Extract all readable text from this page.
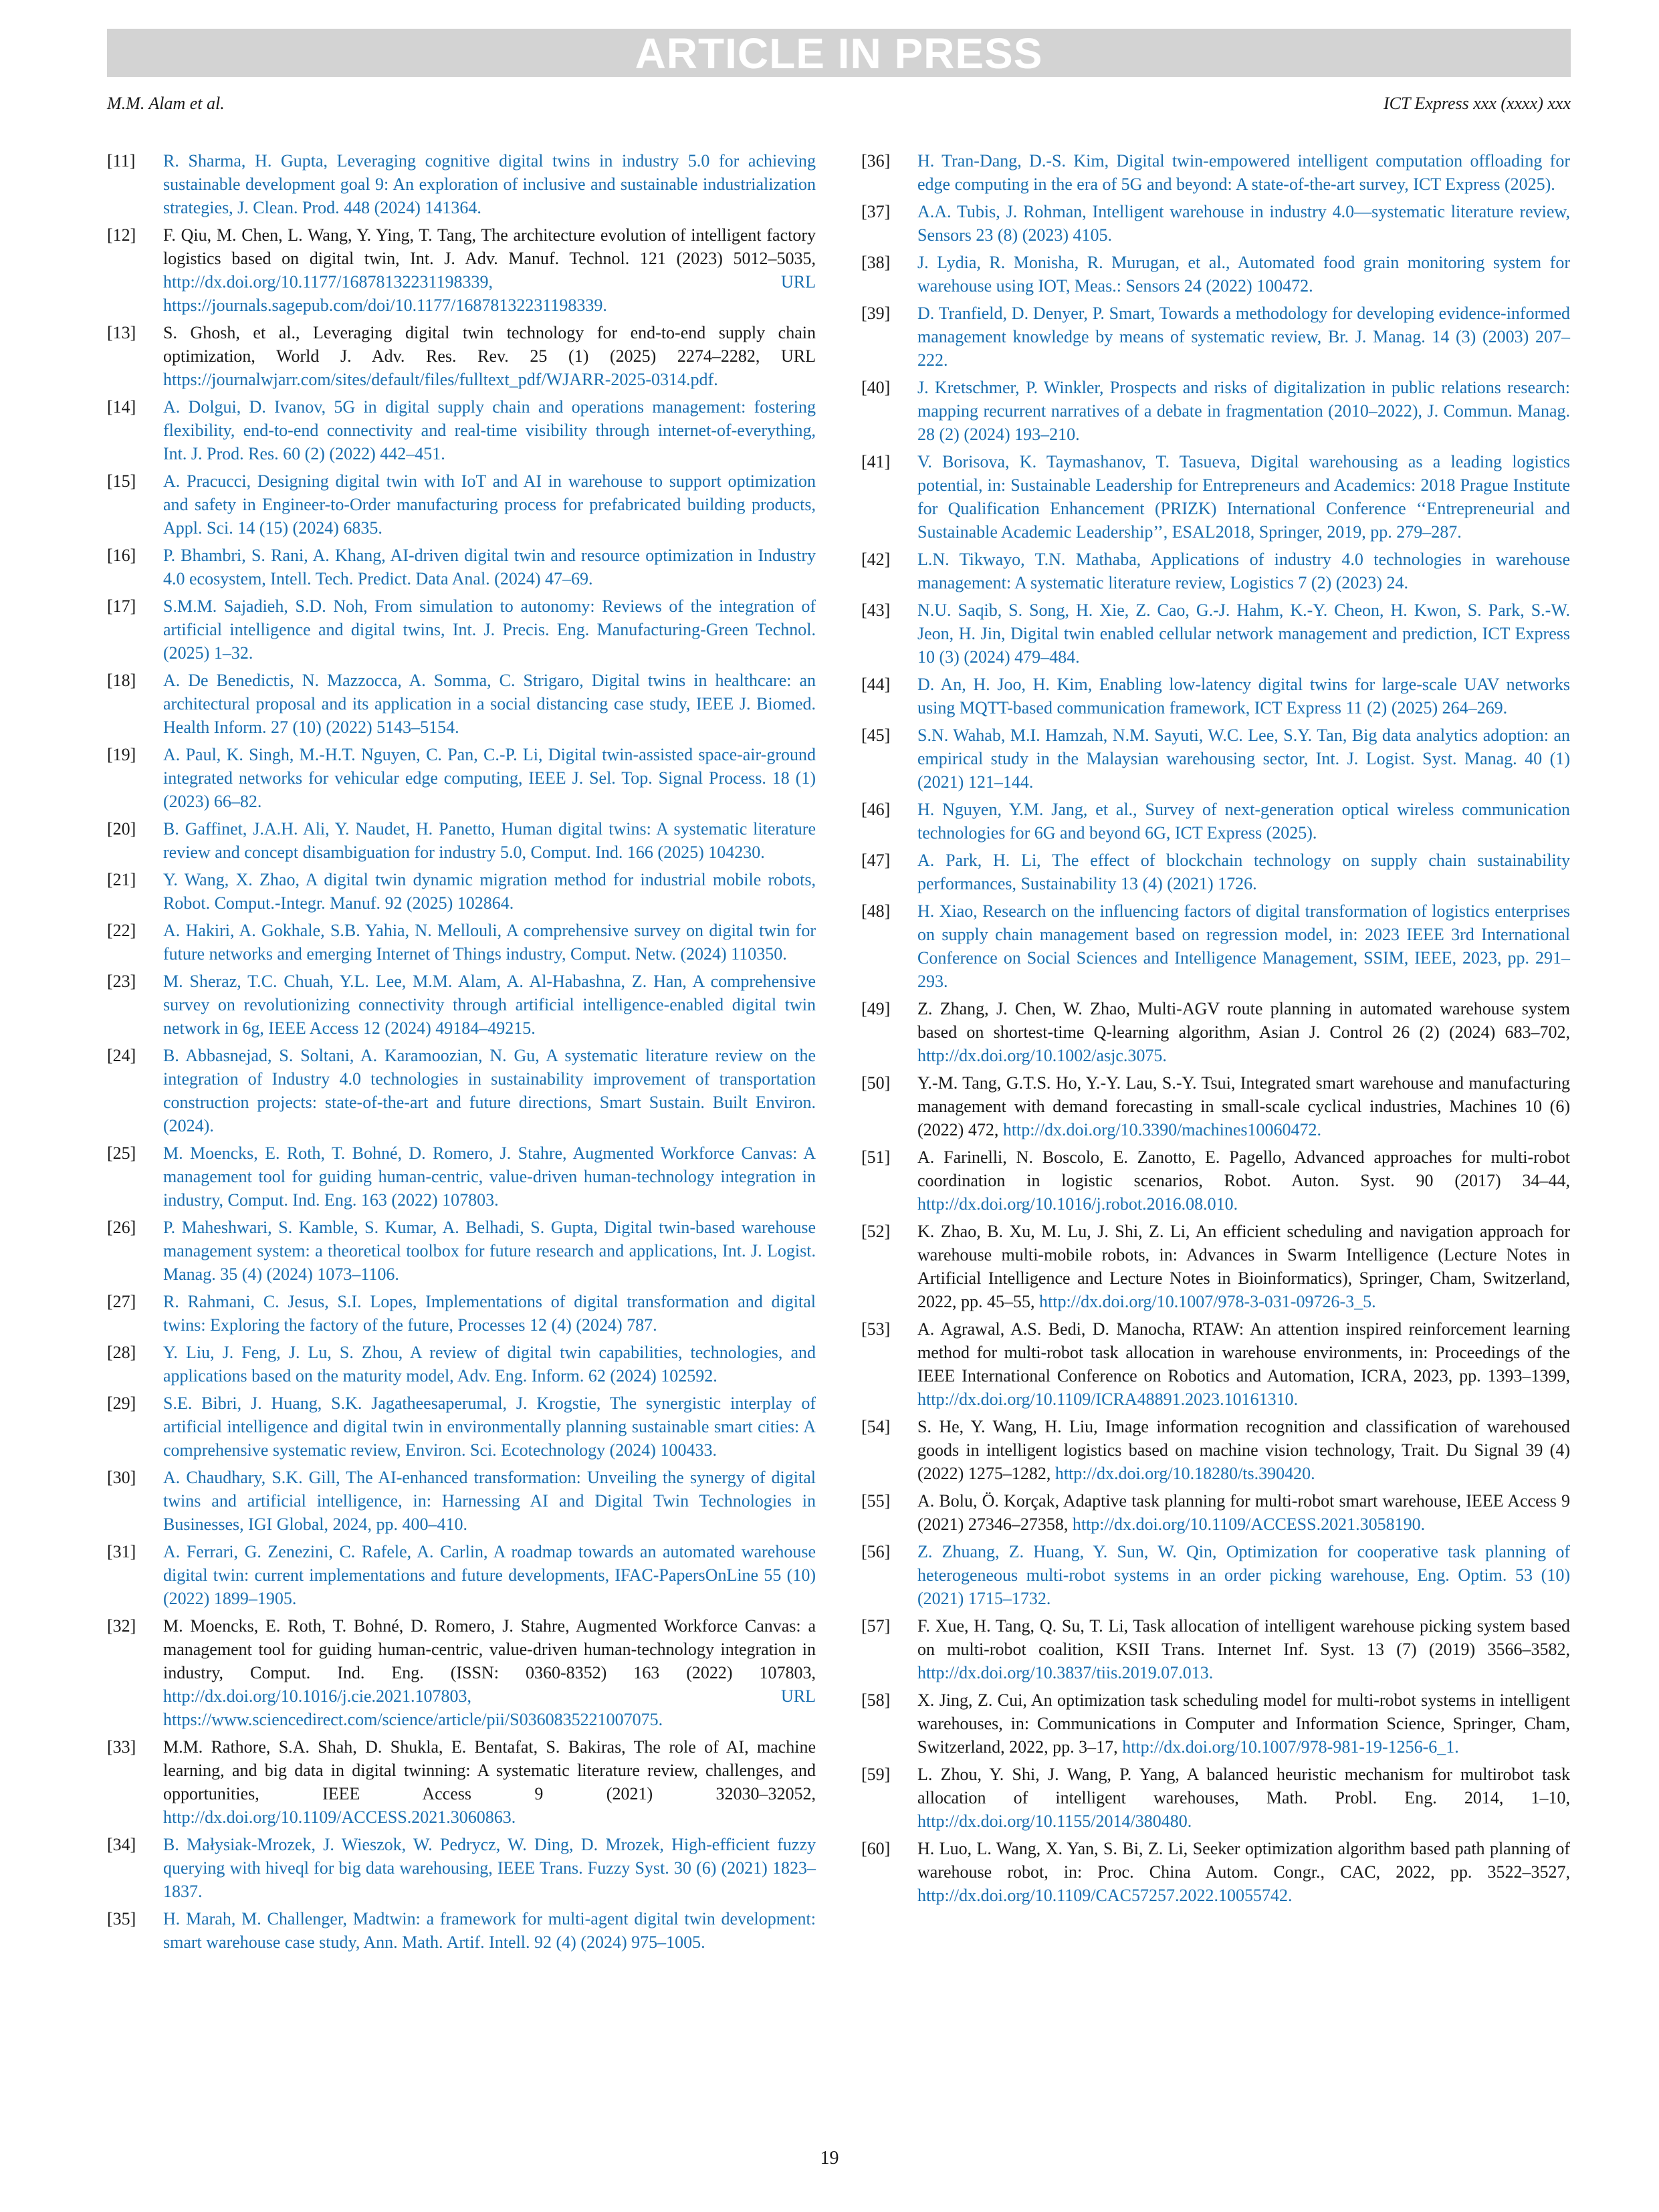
ARTICLE IN PRESS
M.M. Alam et al.	ICT Express xxx (xxxx) xxx
[11]	R. Sharma, H. Gupta, Leveraging cognitive digital twins in industry 5.0 for achieving sustainable development goal 9: An exploration of inclusive and sustainable industrialization strategies, J. Clean. Prod. 448 (2024) 141364.
[12]	F. Qiu, M. Chen, L. Wang, Y. Ying, T. Tang, The architecture evolution of intelligent factory logistics based on digital twin, Int. J. Adv. Manuf. Technol. 121 (2023) 5012–5035, http://dx.doi.org/10.1177/16878132231198339, URL https://journals.sagepub.com/doi/10.1177/16878132231198339.
[13]	S. Ghosh, et al., Leveraging digital twin technology for end-to-end supply chain optimization, World J. Adv. Res. Rev. 25 (1) (2025) 2274–2282, URL https://journalwjarr.com/sites/default/files/fulltext_pdf/WJARR-2025-0314.pdf.
[14]	A. Dolgui, D. Ivanov, 5G in digital supply chain and operations management: fostering flexibility, end-to-end connectivity and real-time visibility through internet-of-everything, Int. J. Prod. Res. 60 (2) (2022) 442–451.
[15]	A. Pracucci, Designing digital twin with IoT and AI in warehouse to support optimization and safety in Engineer-to-Order manufacturing process for prefabricated building products, Appl. Sci. 14 (15) (2024) 6835.
[16]	P. Bhambri, S. Rani, A. Khang, AI-driven digital twin and resource optimization in Industry 4.0 ecosystem, Intell. Tech. Predict. Data Anal. (2024) 47–69.
[17]	S.M.M. Sajadieh, S.D. Noh, From simulation to autonomy: Reviews of the integration of artificial intelligence and digital twins, Int. J. Precis. Eng. Manufacturing-Green Technol. (2025) 1–32.
[18]	A. De Benedictis, N. Mazzocca, A. Somma, C. Strigaro, Digital twins in healthcare: an architectural proposal and its application in a social distancing case study, IEEE J. Biomed. Health Inform. 27 (10) (2022) 5143–5154.
[19]	A. Paul, K. Singh, M.-H.T. Nguyen, C. Pan, C.-P. Li, Digital twin-assisted space-air-ground integrated networks for vehicular edge computing, IEEE J. Sel. Top. Signal Process. 18 (1) (2023) 66–82.
[20]	B. Gaffinet, J.A.H. Ali, Y. Naudet, H. Panetto, Human digital twins: A systematic literature review and concept disambiguation for industry 5.0, Comput. Ind. 166 (2025) 104230.
[21]	Y. Wang, X. Zhao, A digital twin dynamic migration method for industrial mobile robots, Robot. Comput.-Integr. Manuf. 92 (2025) 102864.
[22]	A. Hakiri, A. Gokhale, S.B. Yahia, N. Mellouli, A comprehensive survey on digital twin for future networks and emerging Internet of Things industry, Comput. Netw. (2024) 110350.
[23]	M. Sheraz, T.C. Chuah, Y.L. Lee, M.M. Alam, A. Al-Habashna, Z. Han, A comprehensive survey on revolutionizing connectivity through artificial intelligence-enabled digital twin network in 6g, IEEE Access 12 (2024) 49184–49215.
[24]	B. Abbasnejad, S. Soltani, A. Karamoozian, N. Gu, A systematic literature review on the integration of Industry 4.0 technologies in sustainability improvement of transportation construction projects: state-of-the-art and future directions, Smart Sustain. Built Environ. (2024).
[25]	M. Moencks, E. Roth, T. Bohné, D. Romero, J. Stahre, Augmented Workforce Canvas: A management tool for guiding human-centric, value-driven human-technology integration in industry, Comput. Ind. Eng. 163 (2022) 107803.
[26]	P. Maheshwari, S. Kamble, S. Kumar, A. Belhadi, S. Gupta, Digital twin-based warehouse management system: a theoretical toolbox for future research and applications, Int. J. Logist. Manag. 35 (4) (2024) 1073–1106.
[27]	R. Rahmani, C. Jesus, S.I. Lopes, Implementations of digital transformation and digital twins: Exploring the factory of the future, Processes 12 (4) (2024) 787.
[28]	Y. Liu, J. Feng, J. Lu, S. Zhou, A review of digital twin capabilities, technologies, and applications based on the maturity model, Adv. Eng. Inform. 62 (2024) 102592.
[29]	S.E. Bibri, J. Huang, S.K. Jagatheesaperumal, J. Krogstie, The synergistic interplay of artificial intelligence and digital twin in environmentally planning sustainable smart cities: A comprehensive systematic review, Environ. Sci. Ecotechnology (2024) 100433.
[30]	A. Chaudhary, S.K. Gill, The AI-enhanced transformation: Unveiling the synergy of digital twins and artificial intelligence, in: Harnessing AI and Digital Twin Technologies in Businesses, IGI Global, 2024, pp. 400–410.
[31]	A. Ferrari, G. Zenezini, C. Rafele, A. Carlin, A roadmap towards an automated warehouse digital twin: current implementations and future developments, IFAC-PapersOnLine 55 (10) (2022) 1899–1905.
[32]	M. Moencks, E. Roth, T. Bohné, D. Romero, J. Stahre, Augmented Workforce Canvas: a management tool for guiding human-centric, value-driven human-technology integration in industry, Comput. Ind. Eng. (ISSN: 0360-8352) 163 (2022) 107803, http://dx.doi.org/10.1016/j.cie.2021.107803, URL https://www.sciencedirect.com/science/article/pii/S0360835221007075.
[33]	M.M. Rathore, S.A. Shah, D. Shukla, E. Bentafat, S. Bakiras, The role of AI, machine learning, and big data in digital twinning: A systematic literature review, challenges, and opportunities, IEEE Access 9 (2021) 32030–32052, http://dx.doi.org/10.1109/ACCESS.2021.3060863.
[34]	B. Małysiak-Mrozek, J. Wieszok, W. Pedrycz, W. Ding, D. Mrozek, High-efficient fuzzy querying with hiveql for big data warehousing, IEEE Trans. Fuzzy Syst. 30 (6) (2021) 1823–1837.
[35]	H. Marah, M. Challenger, Madtwin: a framework for multi-agent digital twin development: smart warehouse case study, Ann. Math. Artif. Intell. 92 (4) (2024) 975–1005.
[36]	H. Tran-Dang, D.-S. Kim, Digital twin-empowered intelligent computation offloading for edge computing in the era of 5G and beyond: A state-of-the-art survey, ICT Express (2025).
[37]	A.A. Tubis, J. Rohman, Intelligent warehouse in industry 4.0—systematic literature review, Sensors 23 (8) (2023) 4105.
[38]	J. Lydia, R. Monisha, R. Murugan, et al., Automated food grain monitoring system for warehouse using IOT, Meas.: Sensors 24 (2022) 100472.
[39]	D. Tranfield, D. Denyer, P. Smart, Towards a methodology for developing evidence-informed management knowledge by means of systematic review, Br. J. Manag. 14 (3) (2003) 207–222.
[40]	J. Kretschmer, P. Winkler, Prospects and risks of digitalization in public relations research: mapping recurrent narratives of a debate in fragmentation (2010–2022), J. Commun. Manag. 28 (2) (2024) 193–210.
[41]	V. Borisova, K. Taymashanov, T. Tasueva, Digital warehousing as a leading logistics potential, in: Sustainable Leadership for Entrepreneurs and Academics: 2018 Prague Institute for Qualification Enhancement (PRIZK) International Conference ‘‘Entrepreneurial and Sustainable Academic Leadership’’, ESAL2018, Springer, 2019, pp. 279–287.
[42]	L.N. Tikwayo, T.N. Mathaba, Applications of industry 4.0 technologies in warehouse management: A systematic literature review, Logistics 7 (2) (2023) 24.
[43]	N.U. Saqib, S. Song, H. Xie, Z. Cao, G.-J. Hahm, K.-Y. Cheon, H. Kwon, S. Park, S.-W. Jeon, H. Jin, Digital twin enabled cellular network management and prediction, ICT Express 10 (3) (2024) 479–484.
[44]	D. An, H. Joo, H. Kim, Enabling low-latency digital twins for large-scale UAV networks using MQTT-based communication framework, ICT Express 11 (2) (2025) 264–269.
[45]	S.N. Wahab, M.I. Hamzah, N.M. Sayuti, W.C. Lee, S.Y. Tan, Big data analytics adoption: an empirical study in the Malaysian warehousing sector, Int. J. Logist. Syst. Manag. 40 (1) (2021) 121–144.
[46]	H. Nguyen, Y.M. Jang, et al., Survey of next-generation optical wireless communication technologies for 6G and beyond 6G, ICT Express (2025).
[47]	A. Park, H. Li, The effect of blockchain technology on supply chain sustainability performances, Sustainability 13 (4) (2021) 1726.
[48]	H. Xiao, Research on the influencing factors of digital transformation of logistics enterprises on supply chain management based on regression model, in: 2023 IEEE 3rd International Conference on Social Sciences and Intelligence Management, SSIM, IEEE, 2023, pp. 291–293.
[49]	Z. Zhang, J. Chen, W. Zhao, Multi-AGV route planning in automated warehouse system based on shortest-time Q-learning algorithm, Asian J. Control 26 (2) (2024) 683–702, http://dx.doi.org/10.1002/asjc.3075.
[50]	Y.-M. Tang, G.T.S. Ho, Y.-Y. Lau, S.-Y. Tsui, Integrated smart warehouse and manufacturing management with demand forecasting in small-scale cyclical industries, Machines 10 (6) (2022) 472, http://dx.doi.org/10.3390/machines10060472.
[51]	A. Farinelli, N. Boscolo, E. Zanotto, E. Pagello, Advanced approaches for multi-robot coordination in logistic scenarios, Robot. Auton. Syst. 90 (2017) 34–44, http://dx.doi.org/10.1016/j.robot.2016.08.010.
[52]	K. Zhao, B. Xu, M. Lu, J. Shi, Z. Li, An efficient scheduling and navigation approach for warehouse multi-mobile robots, in: Advances in Swarm Intelligence (Lecture Notes in Artificial Intelligence and Lecture Notes in Bioinformatics), Springer, Cham, Switzerland, 2022, pp. 45–55, http://dx.doi.org/10.1007/978-3-031-09726-3_5.
[53]	A. Agrawal, A.S. Bedi, D. Manocha, RTAW: An attention inspired reinforcement learning method for multi-robot task allocation in warehouse environments, in: Proceedings of the IEEE International Conference on Robotics and Automation, ICRA, 2023, pp. 1393–1399, http://dx.doi.org/10.1109/ICRA48891.2023.10161310.
[54]	S. He, Y. Wang, H. Liu, Image information recognition and classification of warehoused goods in intelligent logistics based on machine vision technology, Trait. Du Signal 39 (4) (2022) 1275–1282, http://dx.doi.org/10.18280/ts.390420.
[55]	A. Bolu, Ö. Korçak, Adaptive task planning for multi-robot smart warehouse, IEEE Access 9 (2021) 27346–27358, http://dx.doi.org/10.1109/ACCESS.2021.3058190.
[56]	Z. Zhuang, Z. Huang, Y. Sun, W. Qin, Optimization for cooperative task planning of heterogeneous multi-robot systems in an order picking warehouse, Eng. Optim. 53 (10) (2021) 1715–1732.
[57]	F. Xue, H. Tang, Q. Su, T. Li, Task allocation of intelligent warehouse picking system based on multi-robot coalition, KSII Trans. Internet Inf. Syst. 13 (7) (2019) 3566–3582, http://dx.doi.org/10.3837/tiis.2019.07.013.
[58]	X. Jing, Z. Cui, An optimization task scheduling model for multi-robot systems in intelligent warehouses, in: Communications in Computer and Information Science, Springer, Cham, Switzerland, 2022, pp. 3–17, http://dx.doi.org/10.1007/978-981-19-1256-6_1.
[59]	L. Zhou, Y. Shi, J. Wang, P. Yang, A balanced heuristic mechanism for multirobot task allocation of intelligent warehouses, Math. Probl. Eng. 2014, 1–10, http://dx.doi.org/10.1155/2014/380480.
[60]	H. Luo, L. Wang, X. Yan, S. Bi, Z. Li, Seeker optimization algorithm based path planning of warehouse robot, in: Proc. China Autom. Congr., CAC, 2022, pp. 3522–3527, http://dx.doi.org/10.1109/CAC57257.2022.10055742.
19
